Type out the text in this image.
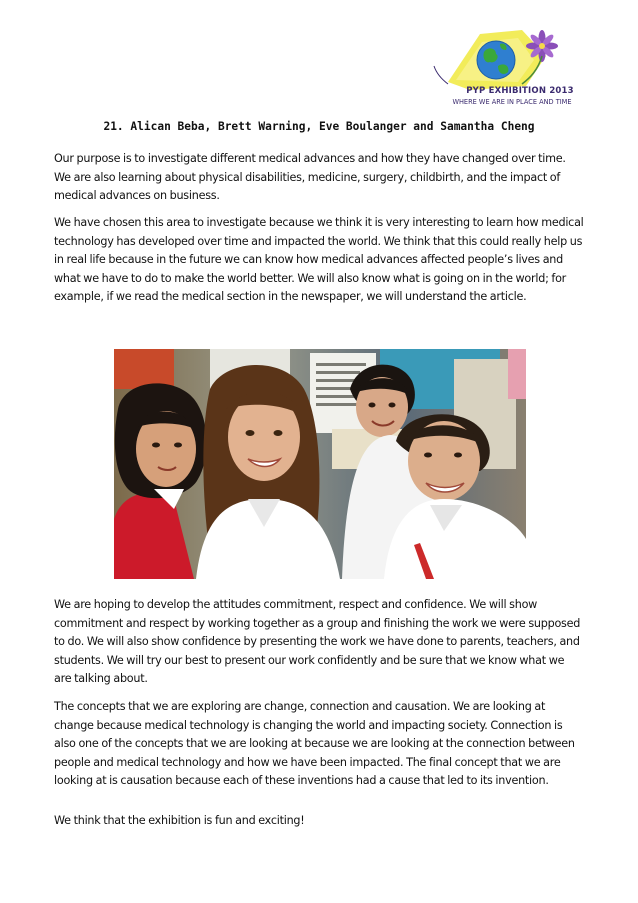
PYP EXHIBITION 2013
WHERE WE ARE IN PLACE AND TIME
21. Alican Beba, Brett Warning, Eve Boulanger and Samantha Cheng

Our purpose is to investigate different medical advances and how they have changed over time. We are also learning about physical disabilities, medicine, surgery, childbirth, and the impact of medical advances on business.

We have chosen this area to investigate because we think it is very interesting to learn how medical technology has developed over time and impacted the world. We think that this could really help us in real life because in the future we can know how medical advances affected people’s lives and what we have to do to make the world better. We will also know what is going on in the world; for example, if we read the medical section in the newspaper, we will understand the article.

We are hoping to develop the attitudes commitment, respect and confidence. We will show commitment and respect by working together as a group and finishing the work we were supposed to do. We will also show confidence by presenting the work we have done to parents, teachers, and students. We will try our best to present our work confidently and be sure that we know what we are talking about.

The concepts that we are exploring are change, connection and causation. We are looking at change because medical technology is changing the world and impacting society. Connection is also one of the concepts that we are looking at because we are looking at the connection between people and medical technology and how we have been impacted. The final concept that we are looking at is causation because each of these inventions had a cause that led to its invention.

We think that the exhibition is fun and exciting!
